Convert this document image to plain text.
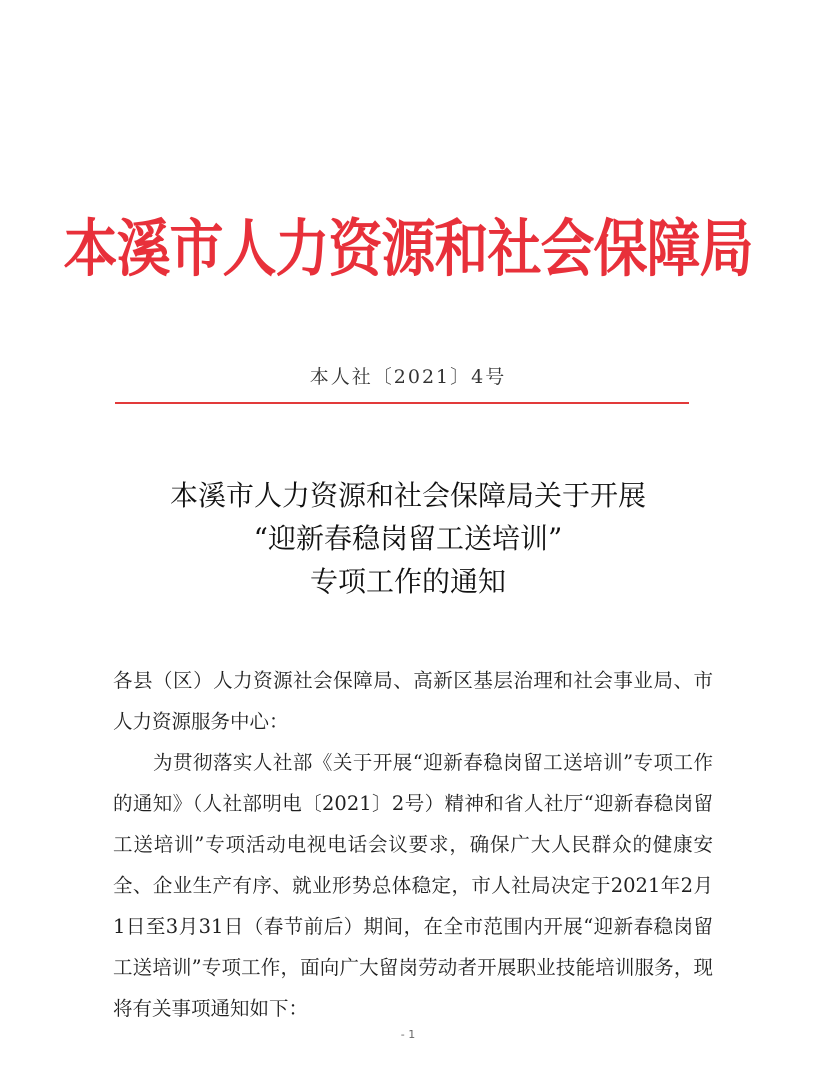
本溪市人力资源和社会保障局
本人社〔2021〕4号
本溪市人力资源和社会保障局关于开展
“迎新春稳岗留工送培训”
专项工作的通知

各县（区）人力资源社会保障局、高新区基层治理和社会事业局、市人力资源服务中心：

为贯彻落实人社部《关于开展“迎新春稳岗留工送培训”专项工作的通知》（人社部明电〔2021〕2号）精神和省人社厅“迎新春稳岗留工送培训”专项活动电视电话会议要求，确保广大人民群众的健康安全、企业生产有序、就业形势总体稳定，市人社局决定于2021年2月1日至3月31日（春节前后）期间，在全市范围内开展“迎新春稳岗留工送培训”专项工作，面向广大留岗劳动者开展职业技能培训服务，现将有关事项通知如下：

- 1
